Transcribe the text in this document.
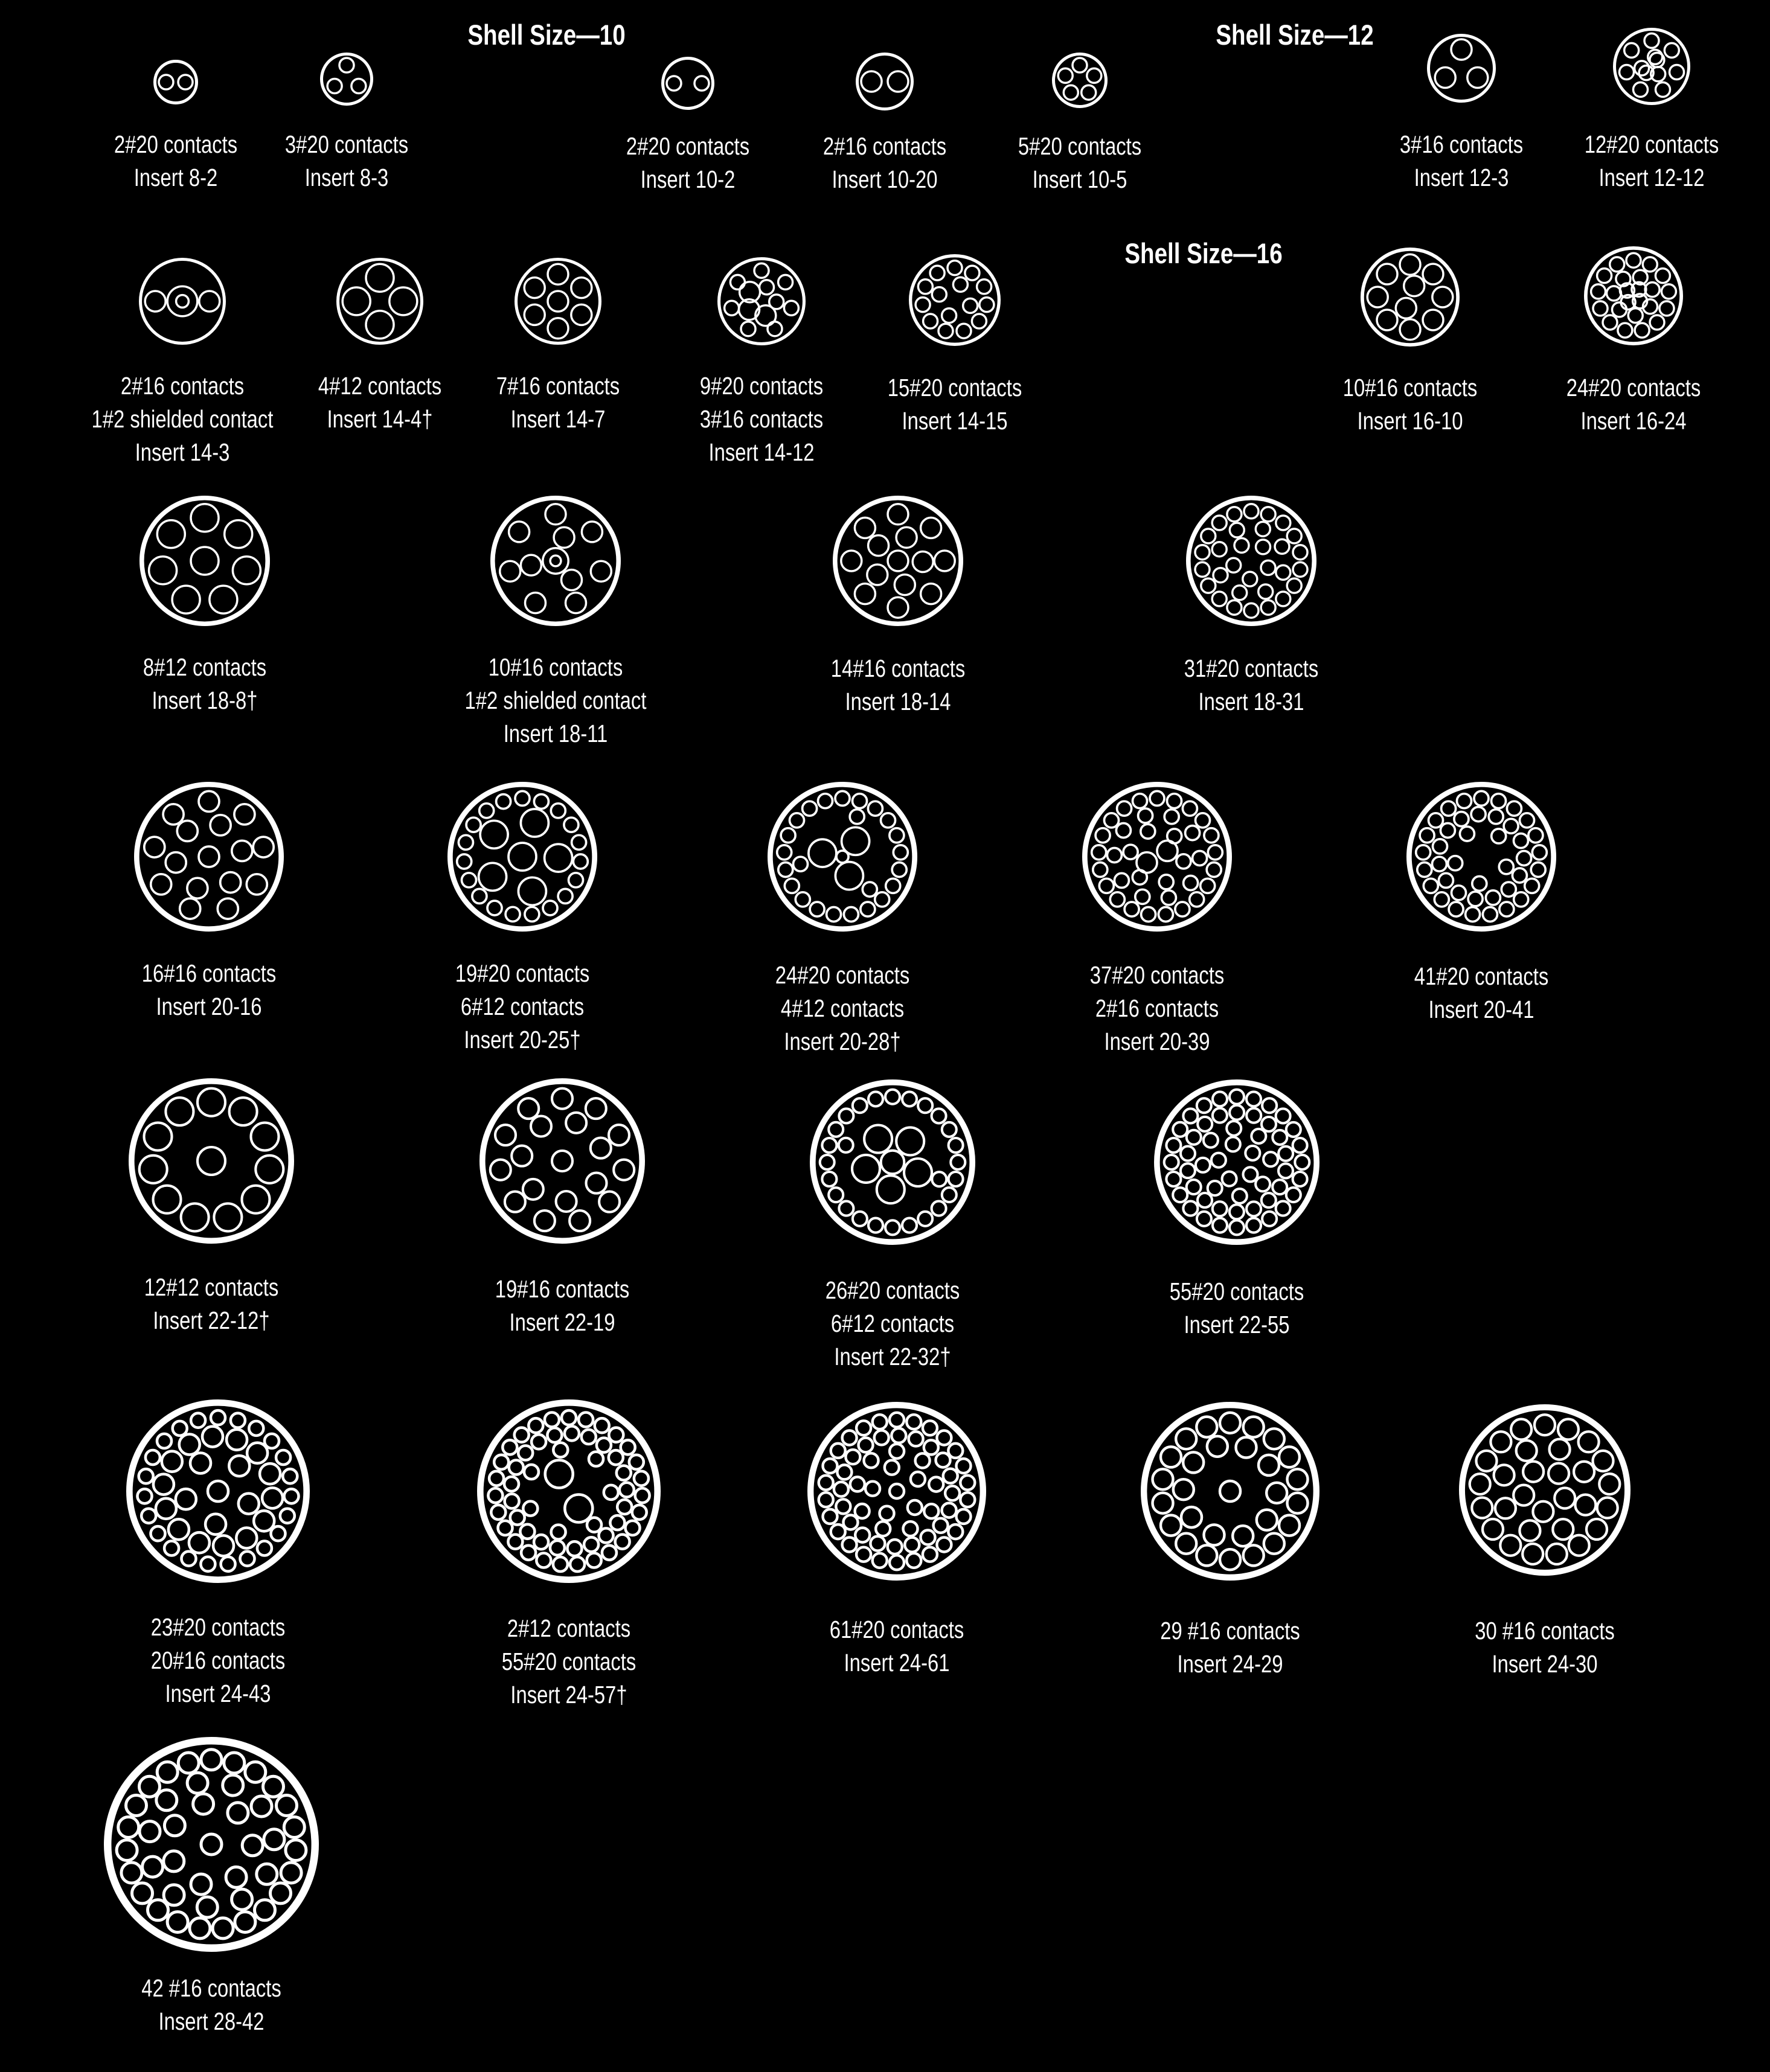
Shell Size—10	Shell Size—12
Shell Size—16
2#20 contacts
Insert 8-2
3#20 contacts
Insert 8-3
2#20 contacts
Insert 10-2
2#16 contacts
Insert 10-20
5#20 contacts
Insert 10-5
3#16 contacts
Insert 12-3
12#20 contacts
Insert 12-12
2#16 contacts
1#2 shielded contact
Insert 14-3
4#12 contacts
Insert 14-4†
7#16 contacts
Insert 14-7
9#20 contacts
3#16 contacts
Insert 14-12
15#20 contacts
Insert 14-15
10#16 contacts
Insert 16-10
24#20 contacts
Insert 16-24
8#12 contacts
Insert 18-8†
10#16 contacts
1#2 shielded contact
Insert 18-11
14#16 contacts
Insert 18-14
31#20 contacts
Insert 18-31
16#16 contacts
Insert 20-16
19#20 contacts
6#12 contacts
Insert 20-25†
24#20 contacts
4#12 contacts
Insert 20-28†
37#20 contacts
2#16 contacts
Insert 20-39
41#20 contacts
Insert 20-41
12#12 contacts
Insert 22-12†
19#16 contacts
Insert 22-19
26#20 contacts
6#12 contacts
Insert 22-32†
55#20 contacts
Insert 22-55
23#20 contacts
20#16 contacts
Insert 24-43
2#12 contacts
55#20 contacts
Insert 24-57†
61#20 contacts
Insert 24-61
29 #16 contacts
Insert 24-29
30 #16 contacts
Insert 24-30
42 #16 contacts
Insert 28-42
